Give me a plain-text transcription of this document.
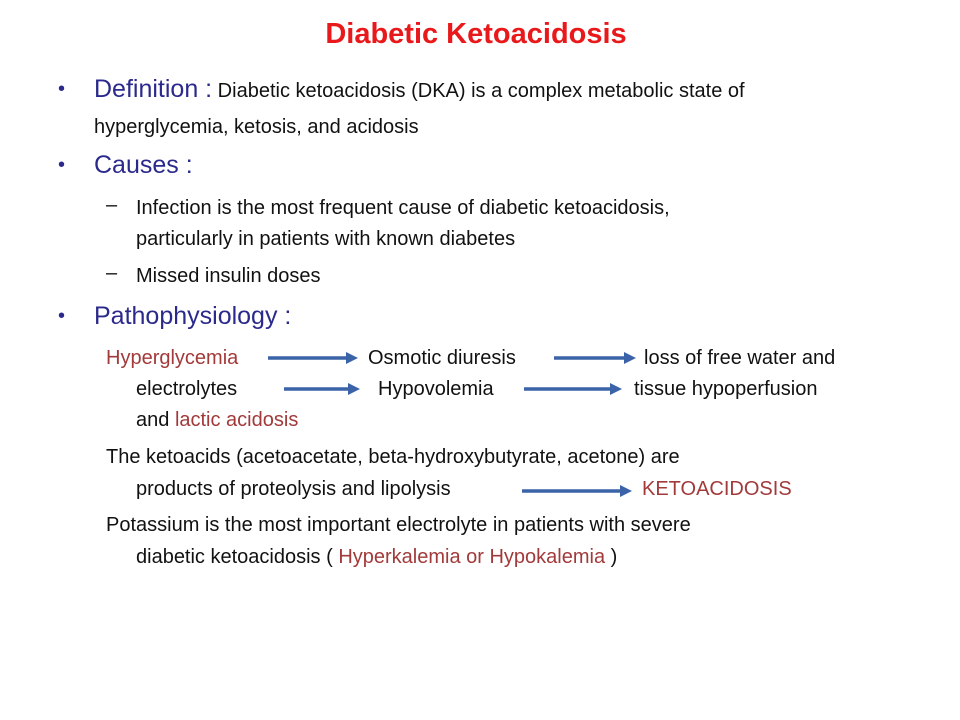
Diabetic Ketoacidosis
• Definition : Diabetic ketoacidosis (DKA) is a complex metabolic state of
hyperglycemia, ketosis, and acidosis
• Causes :
– Infection is the most frequent cause of diabetic ketoacidosis,
particularly in patients with known diabetes
– Missed insulin doses
• Pathophysiology :
Hyperglycemia	Osmotic diuresis	loss of free water and
electrolytes	Hypovolemia	tissue hypoperfusion
and lactic acidosis
The ketoacids (acetoacetate, beta-hydroxybutyrate, acetone) are
products of proteolysis and lipolysis	KETOACIDOSIS
Potassium is the most important electrolyte in patients with severe
diabetic ketoacidosis ( Hyperkalemia or Hypokalemia )
